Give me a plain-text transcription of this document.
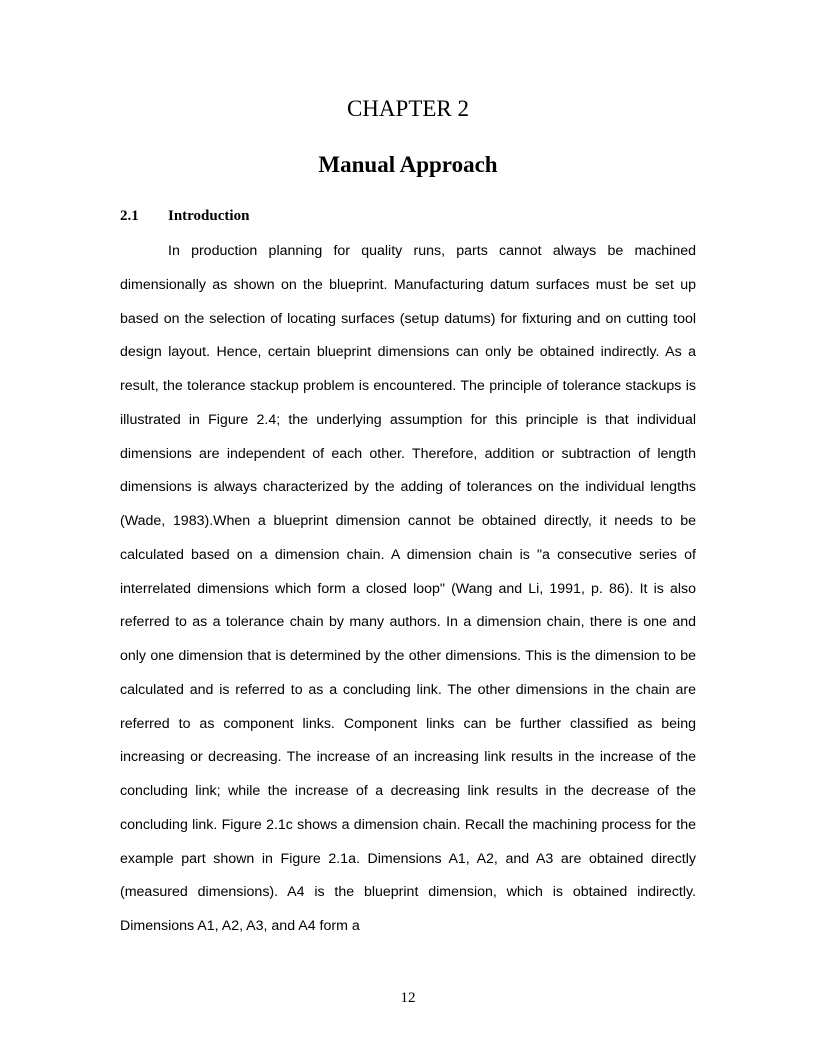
CHAPTER 2
Manual Approach
2.1 Introduction

In production planning for quality runs, parts cannot always be machined dimensionally as shown on the blueprint. Manufacturing datum surfaces must be set up based on the selection of locating surfaces (setup datums) for fixturing and on cutting tool design layout. Hence, certain blueprint dimensions can only be obtained indirectly. As a result, the tolerance stackup problem is encountered. The principle of tolerance stackups is illustrated in Figure 2.4; the underlying assumption for this principle is that individual dimensions are independent of each other. Therefore, addition or subtraction of length dimensions is always characterized by the adding of tolerances on the individual lengths (Wade, 1983).When a blueprint dimension cannot be obtained directly, it needs to be calculated based on a dimension chain. A dimension chain is "a consecutive series of interrelated dimensions which form a closed loop" (Wang and Li, 1991, p. 86). It is also referred to as a tolerance chain by many authors. In a dimension chain, there is one and only one dimension that is determined by the other dimensions. This is the dimension to be calculated and is referred to as a concluding link. The other dimensions in the chain are referred to as component links. Component links can be further classified as being increasing or decreasing. The increase of an increasing link results in the increase of the concluding link; while the increase of a decreasing link results in the decrease of the concluding link. Figure 2.1c shows a dimension chain. Recall the machining process for the example part shown in Figure 2.1a. Dimensions A1, A2, and A3 are obtained directly (measured dimensions). A4 is the blueprint dimension, which is obtained indirectly. Dimensions A1, A2, A3, and A4 form a

12
